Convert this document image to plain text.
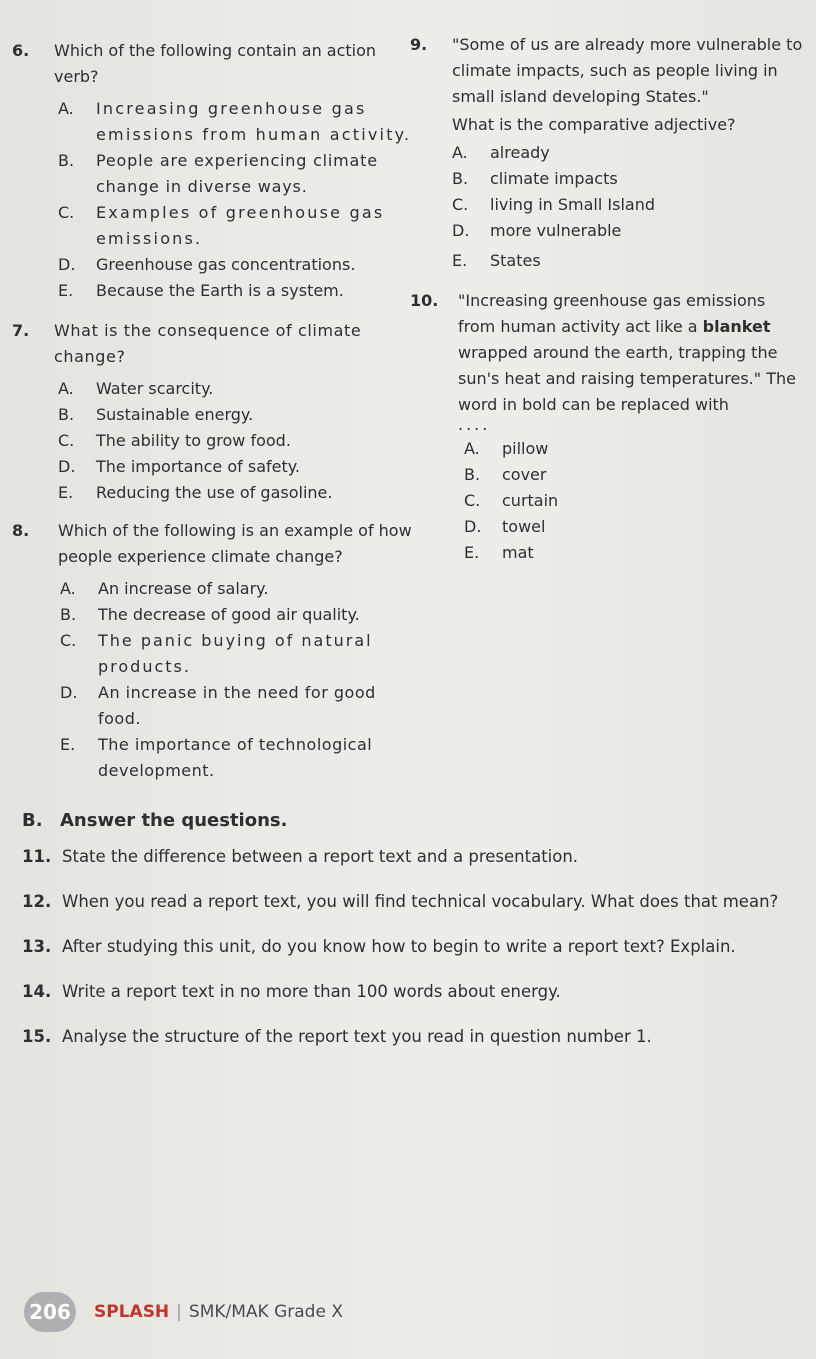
6.	Which of the following contain an action verb?
A. Increasing greenhouse gas emissions from human activity.
B. People are experiencing climate change in diverse ways.
C. Examples of greenhouse gas emissions.
D. Greenhouse gas concentrations.
E. Because the Earth is a system.
7.	What is the consequence of climate change?
A. Water scarcity.
B. Sustainable energy.
C. The ability to grow food.
D. The importance of safety.
E. Reducing the use of gasoline.
8.	Which of the following is an example of how people experience climate change?
A. An increase of salary.
B. The decrease of good air quality.
C. The panic buying of natural products.
D. An increase in the need for good food.
E. The importance of technological development.
9.	"Some of us are already more vulnerable to climate impacts, such as people living in small island developing States."
What is the comparative adjective?
A. already
B. climate impacts
C. living in Small Island
D. more vulnerable
E. States
10.	"Increasing greenhouse gas emissions from human activity act like a blanket wrapped around the earth, trapping the sun's heat and raising temperatures." The word in bold can be replaced with
....
A. pillow
B. cover
C. curtain
D. towel
E. mat
B. Answer the questions.
11. State the difference between a report text and a presentation.
12. When you read a report text, you will find technical vocabulary. What does that mean?
13. After studying this unit, do you know how to begin to write a report text? Explain.
14. Write a report text in no more than 100 words about energy.
15. Analyse the structure of the report text you read in question number 1.
206	SPLASH | SMK/MAK Grade X
